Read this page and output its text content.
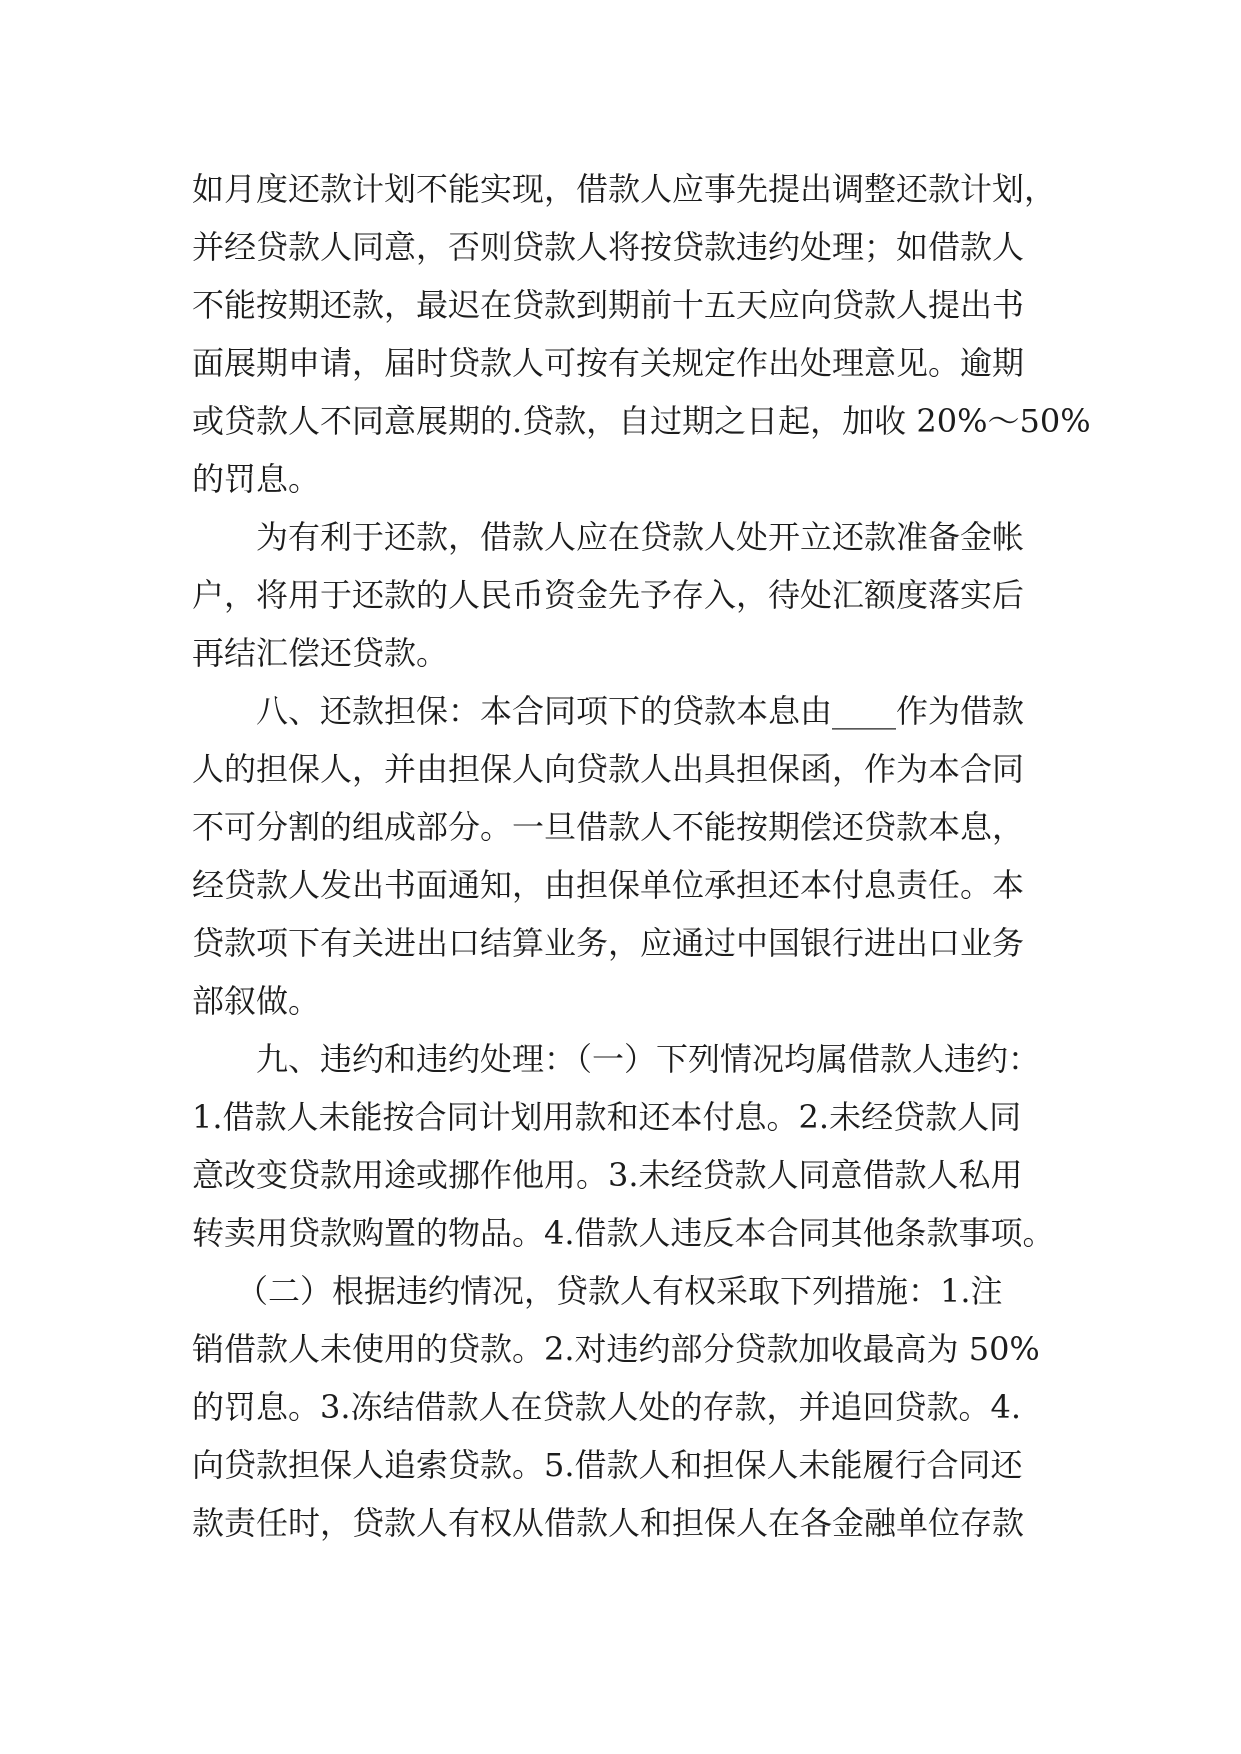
如月度还款计划不能实现，借款人应事先提出调整还款计划，
并经贷款人同意，否则贷款人将按贷款违约处理；如借款人
不能按期还款，最迟在贷款到期前十五天应向贷款人提出书
面展期申请，届时贷款人可按有关规定作出处理意见。逾期
或贷款人不同意展期的.贷款，自过期之日起，加收 20%～50%
的罚息。
为有利于还款，借款人应在贷款人处开立还款准备金帐
户，将用于还款的人民币资金先予存入，待处汇额度落实后
再结汇偿还贷款。
八、还款担保：本合同项下的贷款本息由____作为借款
人的担保人，并由担保人向贷款人出具担保函，作为本合同
不可分割的组成部分。一旦借款人不能按期偿还贷款本息，
经贷款人发出书面通知，由担保单位承担还本付息责任。本
贷款项下有关进出口结算业务，应通过中国银行进出口业务
部叙做。
九、违约和违约处理：（一）下列情况均属借款人违约：
1.借款人未能按合同计划用款和还本付息。2.未经贷款人同
意改变贷款用途或挪作他用。3.未经贷款人同意借款人私用
转卖用贷款购置的物品。4.借款人违反本合同其他条款事项。
（二）根据违约情况，贷款人有权采取下列措施：1.注
销借款人未使用的贷款。2.对违约部分贷款加收最高为 50%
的罚息。3.冻结借款人在贷款人处的存款，并追回贷款。4.
向贷款担保人追索贷款。5.借款人和担保人未能履行合同还
款责任时，贷款人有权从借款人和担保人在各金融单位存款
